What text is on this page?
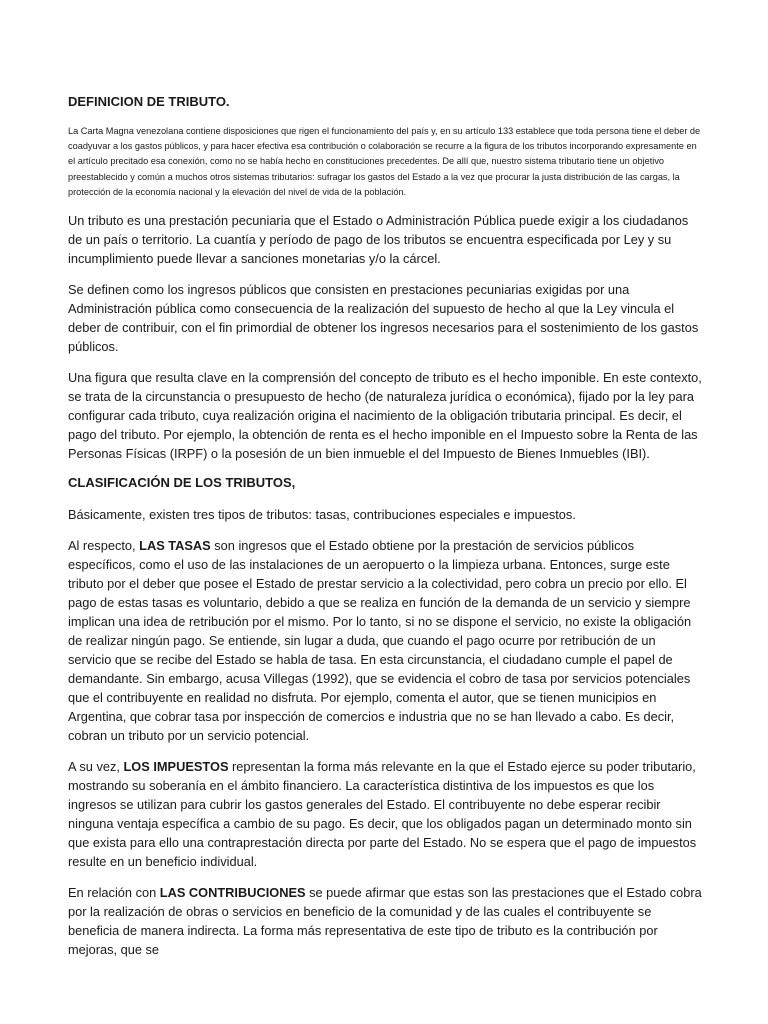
DEFINICION DE TRIBUTO.

La Carta Magna venezolana contiene disposiciones que rigen el funcionamiento del país y, en su artículo 133 establece que toda persona tiene el deber de coadyuvar a los gastos públicos, y para hacer efectiva esa contribución o colaboración se recurre a la figura de los tributos incorporando expresamente en el artículo precitado esa conexión, como no se había hecho en constituciones precedentes. De allí que, nuestro sistema tributario tiene un objetivo preestablecido y común a muchos otros sistemas tributarios: sufragar los gastos del Estado a la vez que procurar la justa distribución de las cargas, la protección de la economía nacional y la elevación del nivel de vida de la población.

Un tributo es una prestación pecuniaria que el Estado o Administración Pública puede exigir a los ciudadanos de un país o territorio. La cuantía y período de pago de los tributos se encuentra especificada por Ley y su incumplimiento puede llevar a sanciones monetarias y/o la cárcel.

Se definen como los ingresos públicos que consisten en prestaciones pecuniarias exigidas por una Administración pública como consecuencia de la realización del supuesto de hecho al que la Ley vincula el deber de contribuir, con el fin primordial de obtener los ingresos necesarios para el sostenimiento de los gastos públicos.

Una figura que resulta clave en la comprensión del concepto de tributo es el hecho imponible. En este contexto, se trata de la circunstancia o presupuesto de hecho (de naturaleza jurídica o económica), fijado por la ley para configurar cada tributo, cuya realización origina el nacimiento de la obligación tributaria principal. Es decir, el pago del tributo. Por ejemplo, la obtención de renta es el hecho imponible en el Impuesto sobre la Renta de las Personas Físicas (IRPF) o la posesión de un bien inmueble el del Impuesto de Bienes Inmuebles (IBI).

CLASIFICACIÓN DE LOS TRIBUTOS,

Básicamente, existen tres tipos de tributos: tasas, contribuciones especiales e impuestos.

Al respecto, LAS TASAS son ingresos que el Estado obtiene por la prestación de servicios públicos específicos, como el uso de las instalaciones de un aeropuerto o la limpieza urbana. Entonces, surge este tributo por el deber que posee el Estado de prestar servicio a la colectividad, pero cobra un precio por ello. El pago de estas tasas es voluntario, debido a que se realiza en función de la demanda de un servicio y siempre implican una idea de retribución por el mismo. Por lo tanto, si no se dispone el servicio, no existe la obligación de realizar ningún pago. Se entiende, sin lugar a duda, que cuando el pago ocurre por retribución de un servicio que se recibe del Estado se habla de tasa. En esta circunstancia, el ciudadano cumple el papel de demandante. Sin embargo, acusa Villegas (1992), que se evidencia el cobro de tasa por servicios potenciales que el contribuyente en realidad no disfruta. Por ejemplo, comenta el autor, que se tienen municipios en Argentina, que cobrar tasa por inspección de comercios e industria que no se han llevado a cabo. Es decir, cobran un tributo por un servicio potencial.

A su vez, LOS IMPUESTOS representan la forma más relevante en la que el Estado ejerce su poder tributario, mostrando su soberanía en el ámbito financiero. La característica distintiva de los impuestos es que los ingresos se utilizan para cubrir los gastos generales del Estado. El contribuyente no debe esperar recibir ninguna ventaja específica a cambio de su pago. Es decir, que los obligados pagan un determinado monto sin que exista para ello una contraprestación directa por parte del Estado. No se espera que el pago de impuestos resulte en un beneficio individual.

En relación con LAS CONTRIBUCIONES se puede afirmar que estas son las prestaciones que el Estado cobra por la realización de obras o servicios en beneficio de la comunidad y de las cuales el contribuyente se beneficia de manera indirecta. La forma más representativa de este tipo de tributo es la contribución por mejoras, que se
